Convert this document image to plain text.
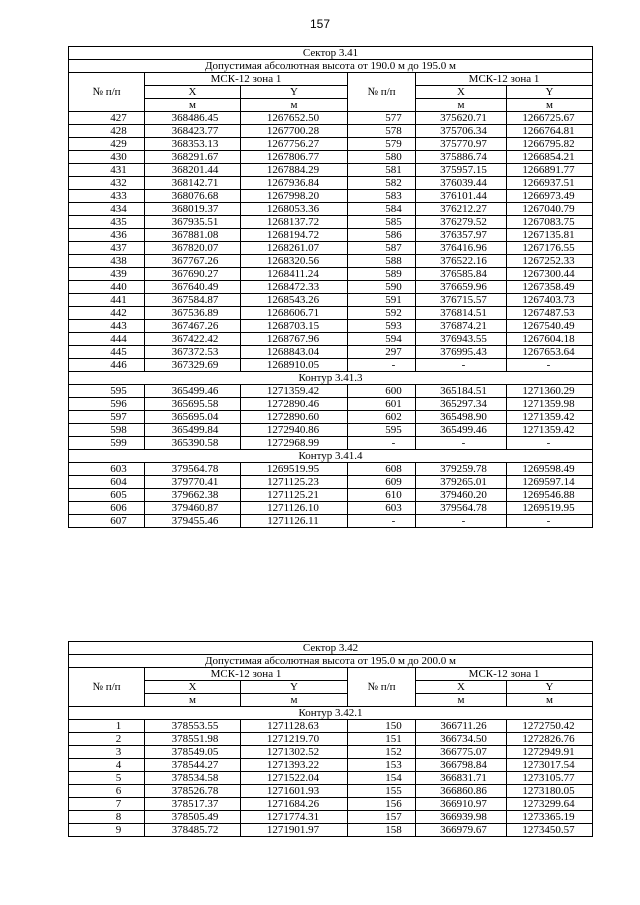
157
Сектор 3.41					
Допустимая абсолютная высота от 190.0 м до 195.0 м					
№ п/п	МСК-12 зона 1		№ п/п	МСК-12 зона 1	
	X	Y		X	Y
	м	м		м	м
427	368486.45	1267652.50	577	375620.71	1266725.67
428	368423.77	1267700.28	578	375706.34	1266764.81
429	368353.13	1267756.27	579	375770.97	1266795.82
430	368291.67	1267806.77	580	375886.74	1266854.21
431	368201.44	1267884.29	581	375957.15	1266891.77
432	368142.71	1267936.84	582	376039.44	1266937.51
433	368076.68	1267998.20	583	376101.44	1266973.49
434	368019.37	1268053.36	584	376212.27	1267040.79
435	367935.51	1268137.72	585	376279.52	1267083.75
436	367881.08	1268194.72	586	376357.97	1267135.81
437	367820.07	1268261.07	587	376416.96	1267176.55
438	367767.26	1268320.56	588	376522.16	1267252.33
439	367690.27	1268411.24	589	376585.84	1267300.44
440	367640.49	1268472.33	590	376659.96	1267358.49
441	367584.87	1268543.26	591	376715.57	1267403.73
442	367536.89	1268606.71	592	376814.51	1267487.53
443	367467.26	1268703.15	593	376874.21	1267540.49
444	367422.42	1268767.96	594	376943.55	1267604.18
445	367372.53	1268843.04	297	376995.43	1267653.64
446	367329.69	1268910.05	-	-	-
Контур 3.41.3					
595	365499.46	1271359.42	600	365184.51	1271360.29
596	365695.58	1272890.46	601	365297.34	1271359.98
597	365695.04	1272890.60	602	365498.90	1271359.42
598	365499.84	1272940.86	595	365499.46	1271359.42
599	365390.58	1272968.99	-	-	-
Контур 3.41.4					
603	379564.78	1269519.95	608	379259.78	1269598.49
604	379770.41	1271125.23	609	379265.01	1269597.14
605	379662.38	1271125.21	610	379460.20	1269546.88
606	379460.87	1271126.10	603	379564.78	1269519.95
607	379455.46	1271126.11	-	-	-
Сектор 3.42					
Допустимая абсолютная высота от 195.0 м до 200.0 м					
№ п/п	МСК-12 зона 1		№ п/п	МСК-12 зона 1	
	X	Y		X	Y
	м	м		м	м
Контур 3.42.1					
1	378553.55	1271128.63	150	366711.26	1272750.42
2	378551.98	1271219.70	151	366734.50	1272826.76
3	378549.05	1271302.52	152	366775.07	1272949.91
4	378544.27	1271393.22	153	366798.84	1273017.54
5	378534.58	1271522.04	154	366831.71	1273105.77
6	378526.78	1271601.93	155	366860.86	1273180.05
7	378517.37	1271684.26	156	366910.97	1273299.64
8	378505.49	1271774.31	157	366939.98	1273365.19
9	378485.72	1271901.97	158	366979.67	1273450.57
